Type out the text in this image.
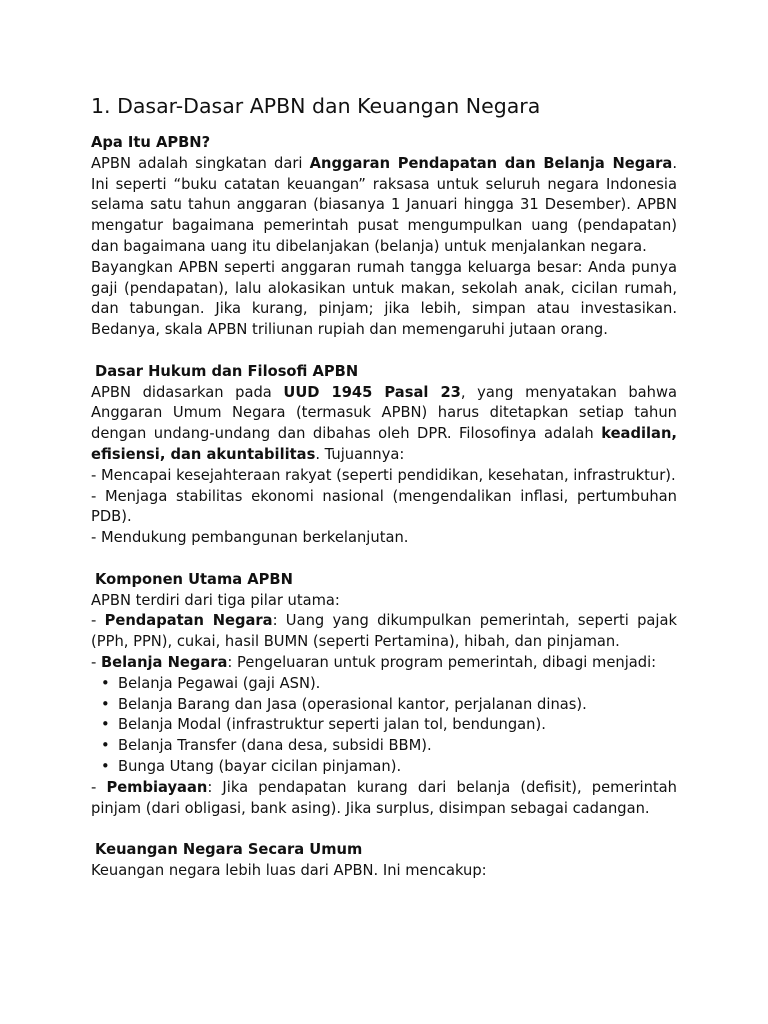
1. Dasar-Dasar APBN dan Keuangan Negara
Apa Itu APBN?

APBN adalah singkatan dari Anggaran Pendapatan dan Belanja Negara. Ini seperti “buku catatan keuangan” raksasa untuk seluruh negara Indonesia selama satu tahun anggaran (biasanya 1 Januari hingga 31 Desember). APBN mengatur bagaimana pemerintah pusat mengumpulkan uang (pendapatan) dan bagaimana uang itu dibelanjakan (belanja) untuk menjalankan negara.

Bayangkan APBN seperti anggaran rumah tangga keluarga besar: Anda punya gaji (pendapatan), lalu alokasikan untuk makan, sekolah anak, cicilan rumah, dan tabungan. Jika kurang, pinjam; jika lebih, simpan atau investasikan. Bedanya, skala APBN triliunan rupiah dan memengaruhi jutaan orang.

Dasar Hukum dan Filosofi APBN

APBN didasarkan pada UUD 1945 Pasal 23, yang menyatakan bahwa Anggaran Umum Negara (termasuk APBN) harus ditetapkan setiap tahun dengan undang-undang dan dibahas oleh DPR. Filosofinya adalah keadilan, efisiensi, dan akuntabilitas. Tujuannya:

- Mencapai kesejahteraan rakyat (seperti pendidikan, kesehatan, infrastruktur).

- Menjaga stabilitas ekonomi nasional (mengendalikan inflasi, pertumbuhan PDB).

- Mendukung pembangunan berkelanjutan.

Komponen Utama APBN

APBN terdiri dari tiga pilar utama:

- Pendapatan Negara: Uang yang dikumpulkan pemerintah, seperti pajak (PPh, PPN), cukai, hasil BUMN (seperti Pertamina), hibah, dan pinjaman.

- Belanja Negara: Pengeluaran untuk program pemerintah, dibagi menjadi:

• Belanja Pegawai (gaji ASN).
• Belanja Barang dan Jasa (operasional kantor, perjalanan dinas).
• Belanja Modal (infrastruktur seperti jalan tol, bendungan).
• Belanja Transfer (dana desa, subsidi BBM).
• Bunga Utang (bayar cicilan pinjaman).

- Pembiayaan: Jika pendapatan kurang dari belanja (defisit), pemerintah pinjam (dari obligasi, bank asing). Jika surplus, disimpan sebagai cadangan.

Keuangan Negara Secara Umum

Keuangan negara lebih luas dari APBN. Ini mencakup:
